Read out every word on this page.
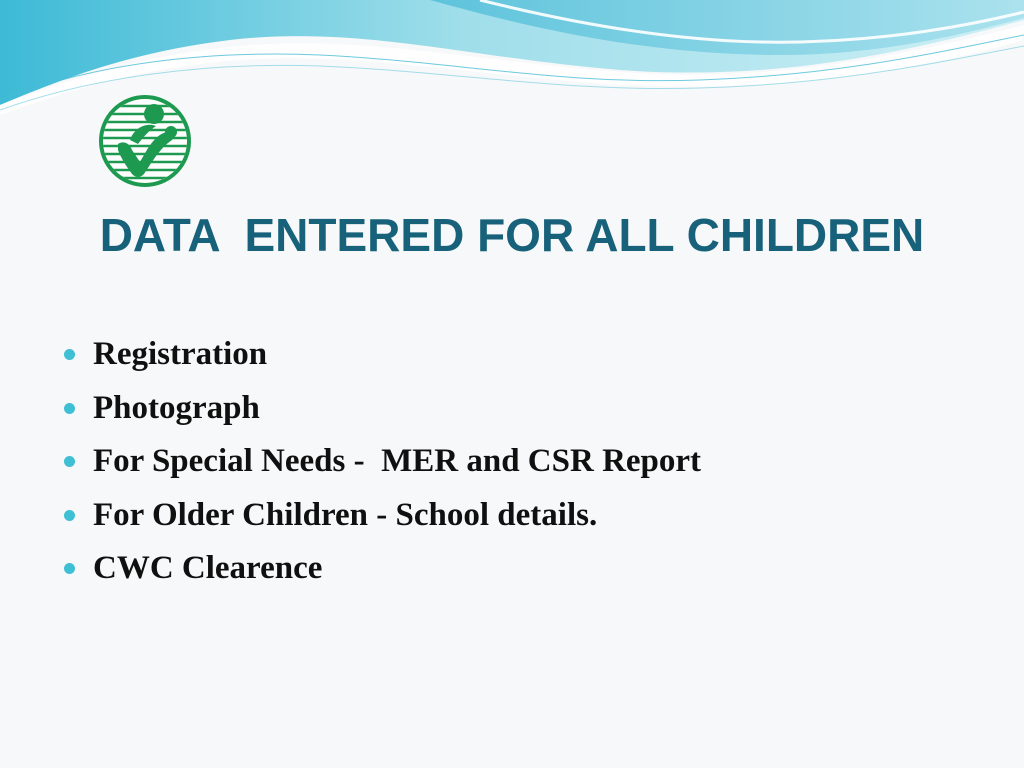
DATA  ENTERED FOR ALL CHILDREN

Registration

Photograph

For Special Needs -  MER and CSR Report

For Older Children - School details.

CWC Clearence
